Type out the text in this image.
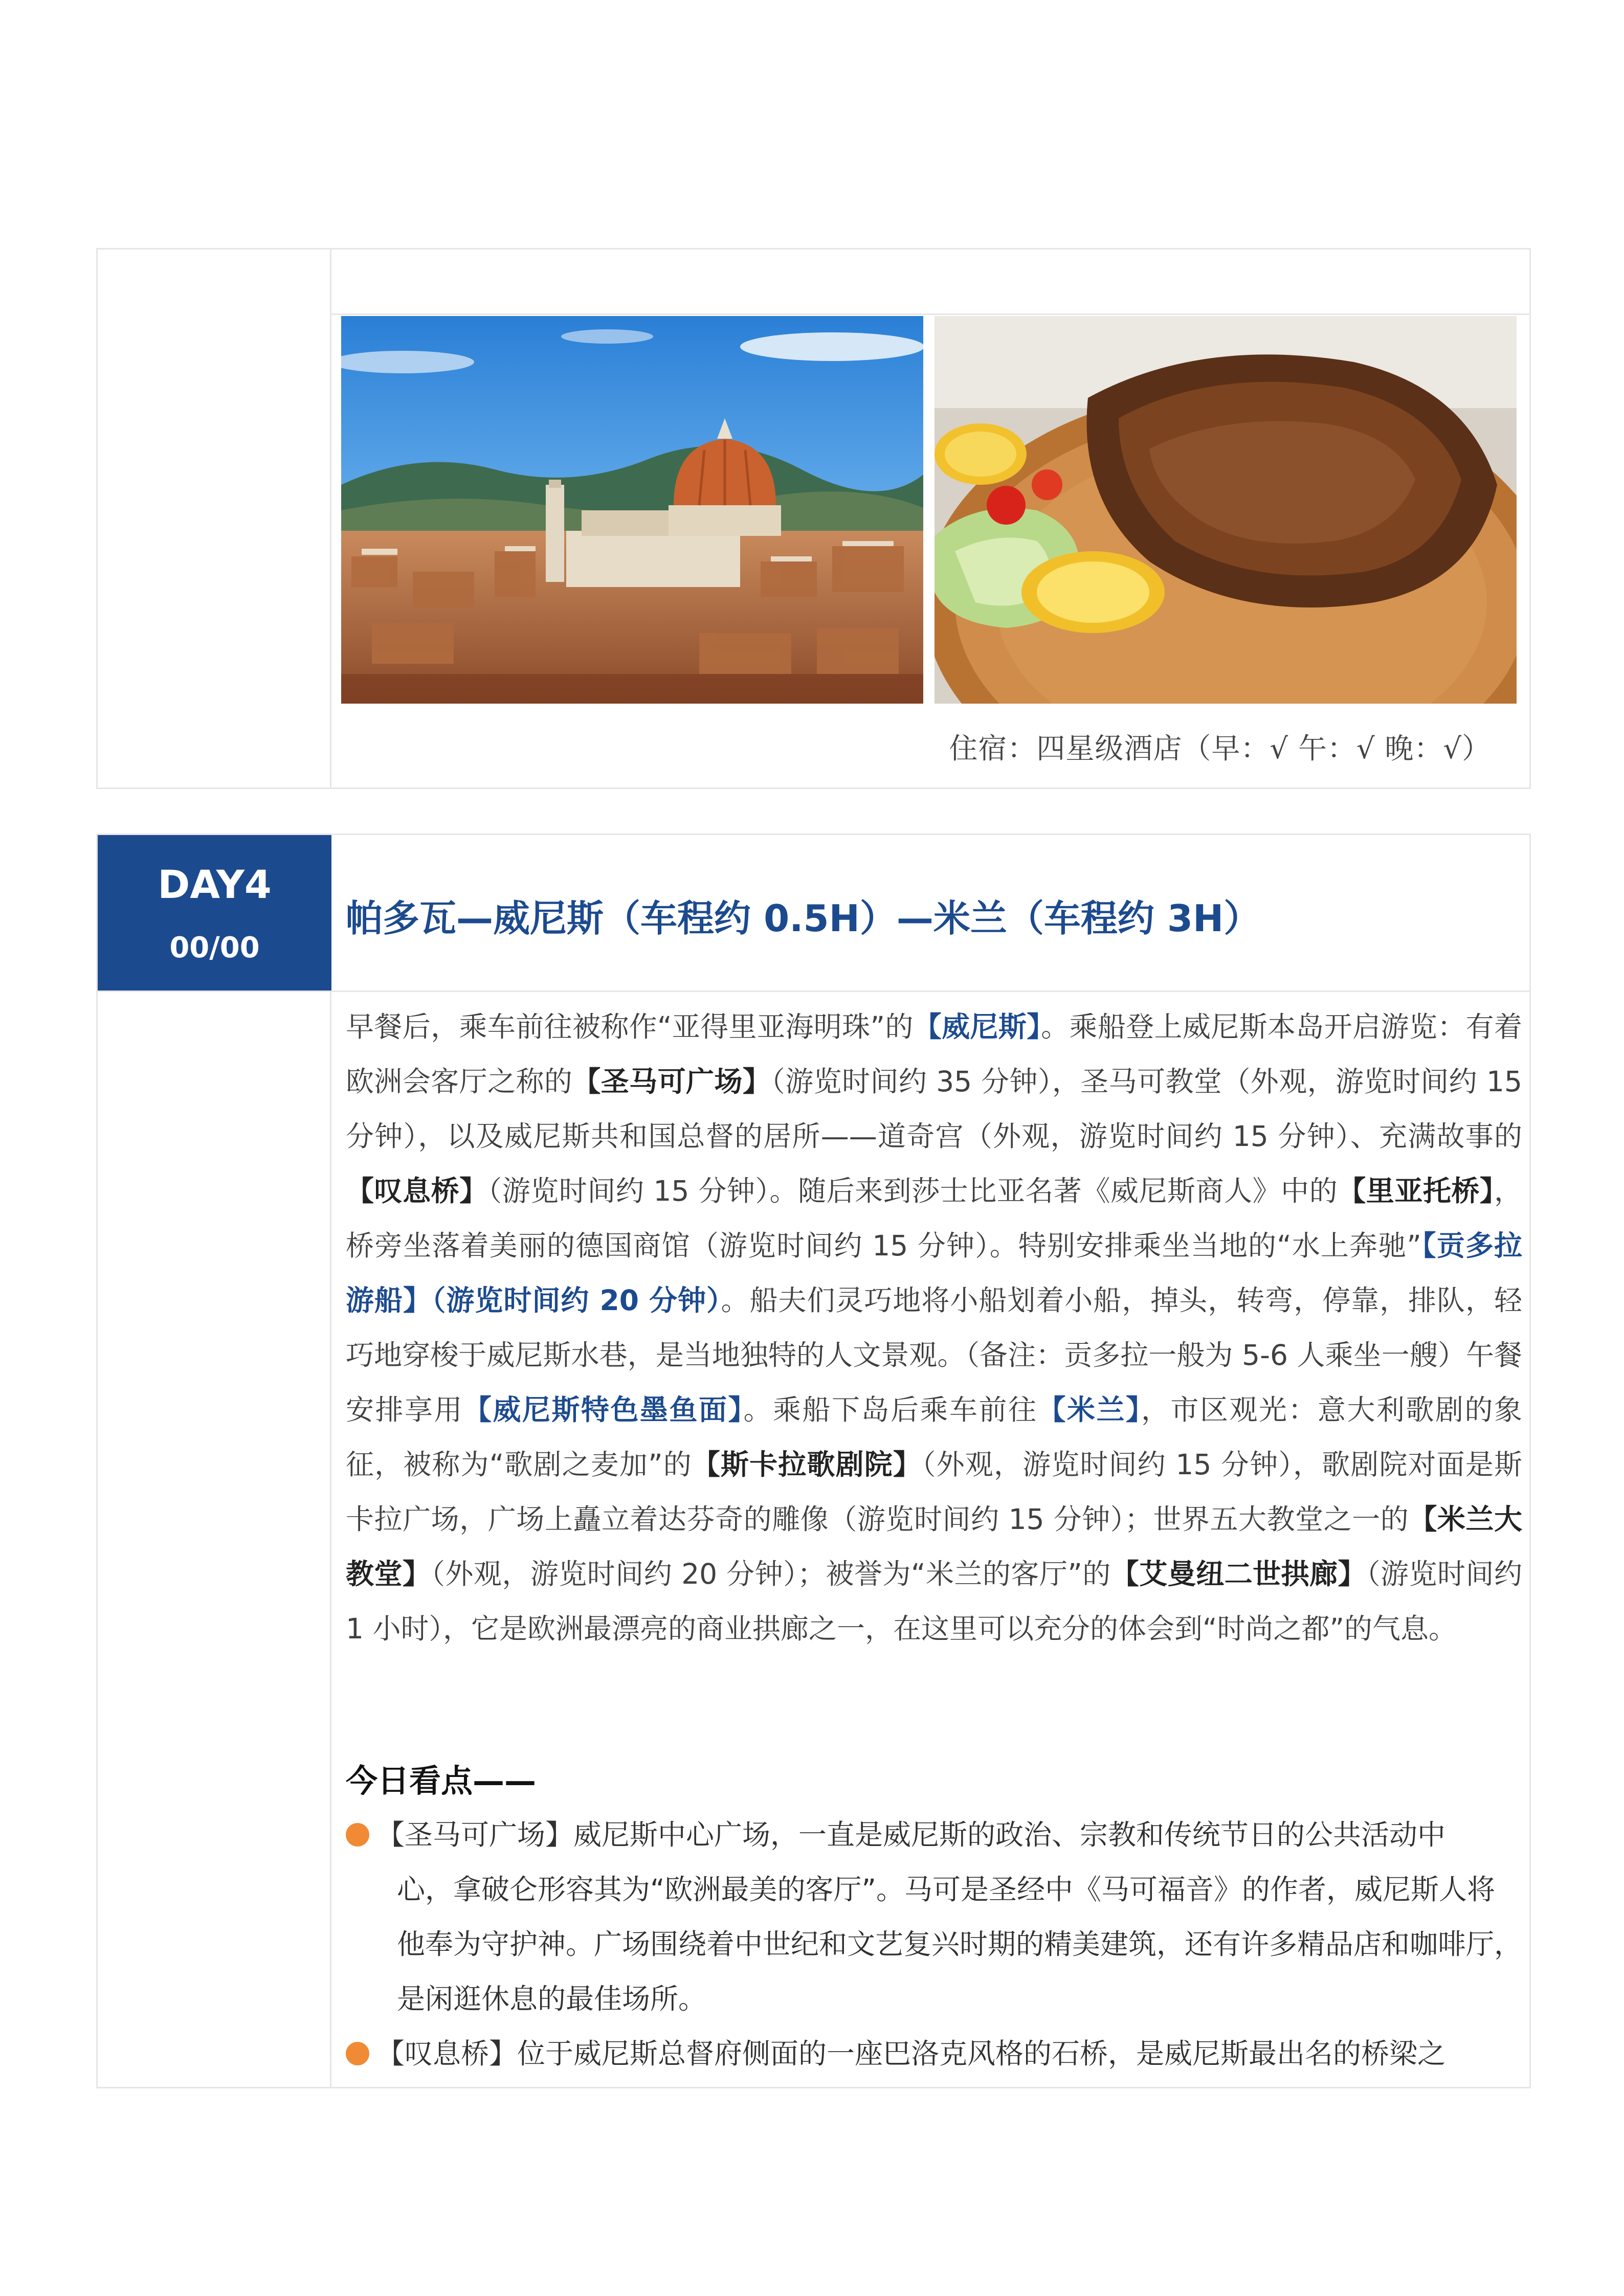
住宿：四星级酒店（早：√ 午：√ 晚：√）
DAY4
00/00
帕多瓦—威尼斯（车程约 0.5H）—米兰（车程约 3H）
早餐后，乘车前往被称作“亚得里亚海明珠”的【威尼斯】。乘船登上威尼斯本岛开启游览：有着欧洲会客厅之称的【圣马可广场】（游览时间约 35 分钟），圣马可教堂（外观，游览时间约 15 分钟），以及威尼斯共和国总督的居所——道奇宫（外观，游览时间约 15 分钟）、充满故事的【叹息桥】（游览时间约 15 分钟）。随后来到莎士比亚名著《威尼斯商人》中的【里亚托桥】，桥旁坐落着美丽的德国商馆（游览时间约 15 分钟）。特别安排乘坐当地的“水上奔驰”【贡多拉游船】（游览时间约 20 分钟）。船夫们灵巧地将小船划着小船，掉头，转弯，停靠，排队，轻巧地穿梭于威尼斯水巷，是当地独特的人文景观。（备注：贡多拉一般为 5-6 人乘坐一艘）午餐安排享用【威尼斯特色墨鱼面】。乘船下岛后乘车前往【米兰】，市区观光：意大利歌剧的象征，被称为“歌剧之麦加”的【斯卡拉歌剧院】（外观，游览时间约 15 分钟），歌剧院对面是斯卡拉广场，广场上矗立着达芬奇的雕像（游览时间约 15 分钟）；世界五大教堂之一的【米兰大教堂】（外观，游览时间约 20 分钟）；被誉为“米兰的客厅”的【艾曼纽二世拱廊】（游览时间约 1 小时），它是欧洲最漂亮的商业拱廊之一，在这里可以充分的体会到“时尚之都”的气息。
今日看点——
【圣马可广场】威尼斯中心广场，一直是威尼斯的政治、宗教和传统节日的公共活动中
心，拿破仑形容其为“欧洲最美的客厅”。马可是圣经中《马可福音》的作者，威尼斯人将他奉为守护神。广场围绕着中世纪和文艺复兴时期的精美建筑，还有许多精品店和咖啡厅，是闲逛休息的最佳场所。
【叹息桥】位于威尼斯总督府侧面的一座巴洛克风格的石桥，是威尼斯最出名的桥梁之
